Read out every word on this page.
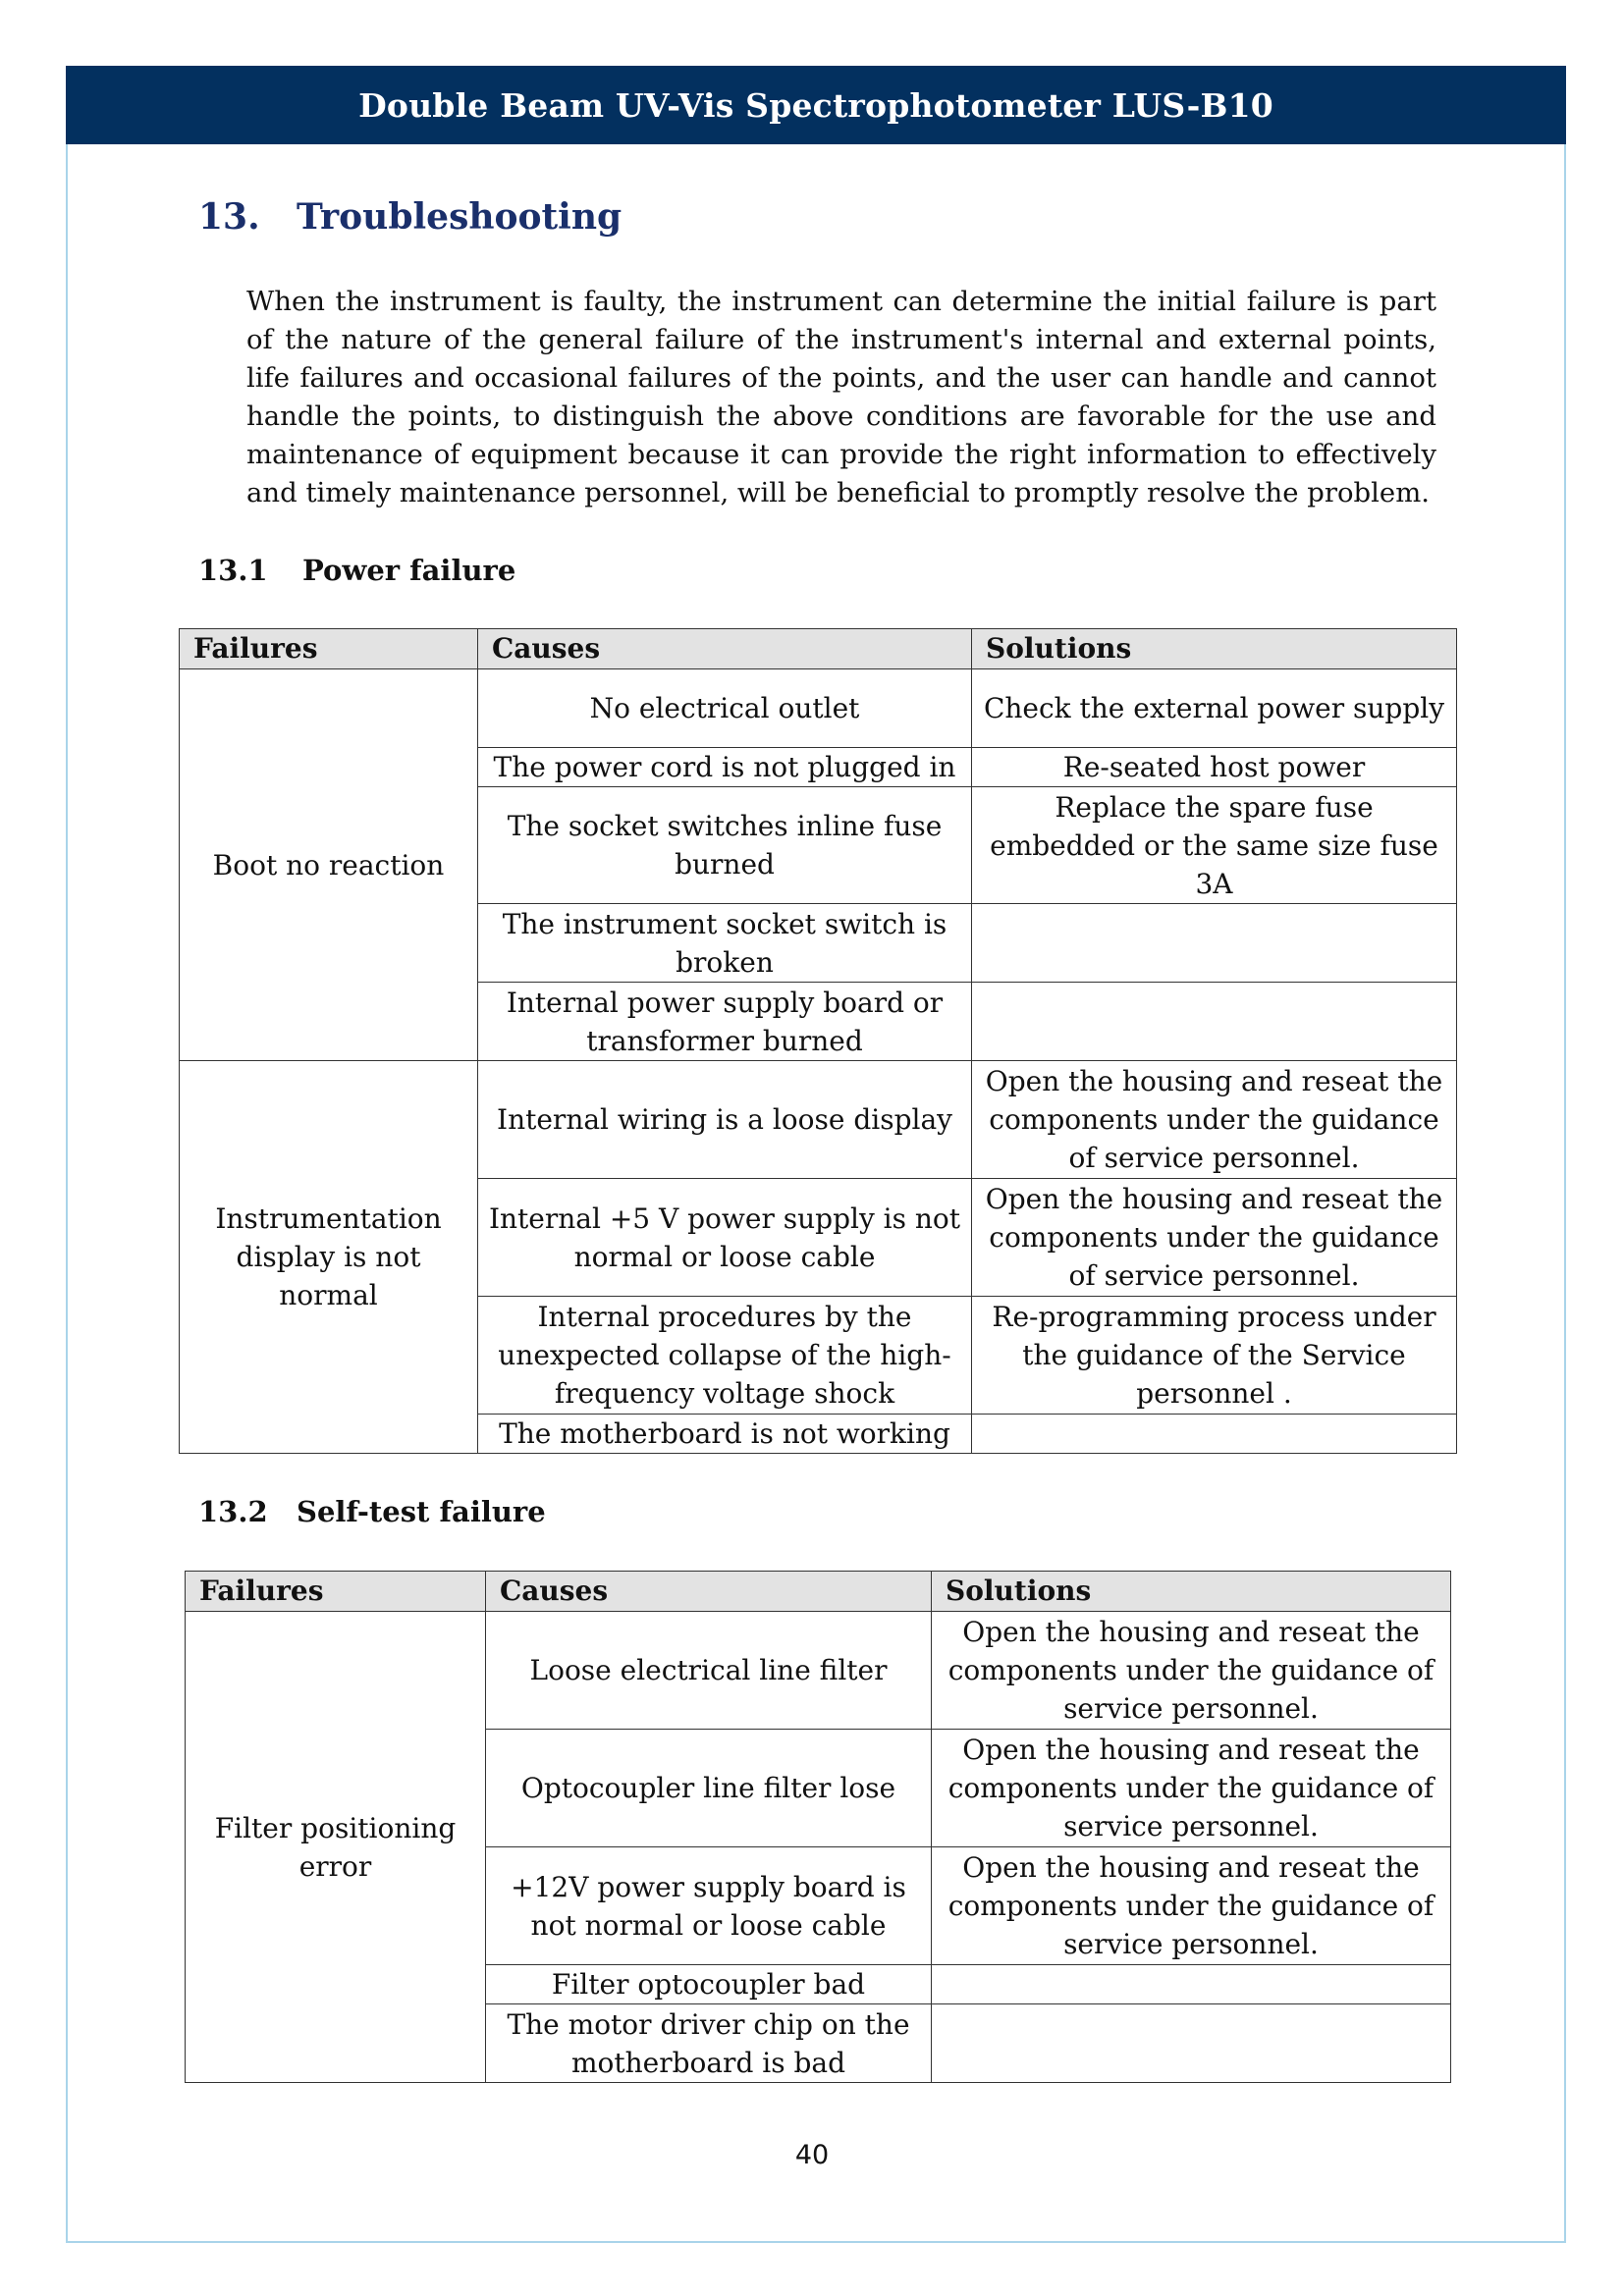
Double Beam UV-Vis Spectrophotometer LUS-B10
13. Troubleshooting

When the instrument is faulty, the instrument can determine the initial failure is part of the nature of the general failure of the instrument's internal and external points, life failures and occasional failures of the points, and the user can handle and cannot handle the points, to distinguish the above conditions are favorable for the use and maintenance of equipment because it can provide the right information to effectively and timely maintenance personnel, will be beneficial to promptly resolve the problem.

13.1 Power failure
Failures	Causes	Solutions
Boot no reaction	No electrical outlet	Check the external power supply
	The power cord is not plugged in	Re-seated host power
	The socket switches inline fuse burned	Replace the spare fuse embedded or the same size fuse 3A
	The instrument socket switch is broken	
	Internal power supply board or transformer burned	
Instrumentation display is not normal	Internal wiring is a loose display	Open the housing and reseat the components under the guidance of service personnel.
	Internal +5 V power supply is not normal or loose cable	Open the housing and reseat the components under the guidance of service personnel.
	Internal procedures by the unexpected collapse of the high-frequency voltage shock	Re-programming process under the guidance of the Service personnel .
	The motherboard is not working	
13.2 Self-test failure
Failures	Causes	Solutions
Filter positioning error	Loose electrical line filter	Open the housing and reseat the components under the guidance of service personnel.
	Optocoupler line filter lose	Open the housing and reseat the components under the guidance of service personnel.
	+12V power supply board is not normal or loose cable	Open the housing and reseat the components under the guidance of service personnel.
	Filter optocoupler bad	
	The motor driver chip on the motherboard is bad	
40
